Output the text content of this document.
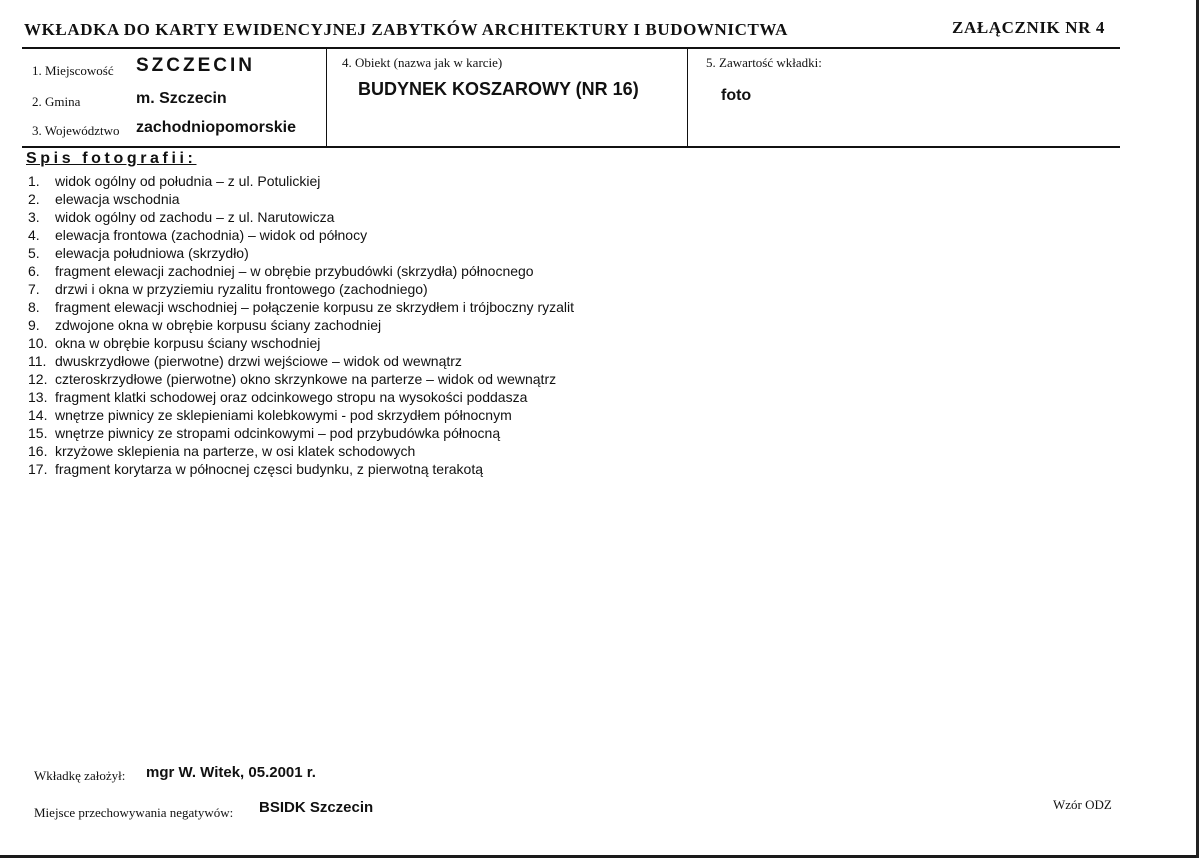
WKŁADKA DO KARTY EWIDENCYJNEJ ZABYTKÓW ARCHITEKTURY I BUDOWNICTWA	ZAŁĄCZNIK NR 4
1. Miejscowość SZCZECIN
2. Gmina	m. Szczecin
3. Województwo zachodniopomorskie
4. Obiekt (nazwa jak w karcie)
BUDYNEK KOSZAROWY (NR 16)
5. Zawartość wkładki:
foto
Spis fotografii:
1.	widok ogólny od południa – z ul. Potulickiej
2.	elewacja wschodnia
3.	widok ogólny od zachodu – z ul. Narutowicza
4.	elewacja frontowa (zachodnia) – widok od północy
5.	elewacja południowa (skrzydło)
6.	fragment elewacji zachodniej – w obrębie przybudówki (skrzydła) północnego
7.	drzwi i okna w przyziemiu ryzalitu frontowego (zachodniego)
8.	fragment elewacji wschodniej – połączenie korpusu ze skrzydłem i trójboczny ryzalit
9.	zdwojone okna w obrębie korpusu ściany zachodniej
10. okna w obrębie korpusu ściany wschodniej
11. dwuskrzydłowe (pierwotne) drzwi wejściowe – widok od wewnątrz
12. czteroskrzydłowe (pierwotne) okno skrzynkowe na parterze – widok od wewnątrz
13. fragment klatki schodowej oraz odcinkowego stropu na wysokości poddasza
14. wnętrze piwnicy ze sklepieniami kolebkowymi - pod skrzydłem północnym
15. wnętrze piwnicy ze stropami odcinkowymi – pod przybudówka północną
16. krzyżowe sklepienia na parterze, w osi klatek schodowych
17. fragment korytarza w północnej częsci budynku, z pierwotną terakotą
Wkładkę założył: mgr W. Witek, 05.2001 r.
Miejsce przechowywania negatywów: BSIDK Szczecin	Wzór ODZ
